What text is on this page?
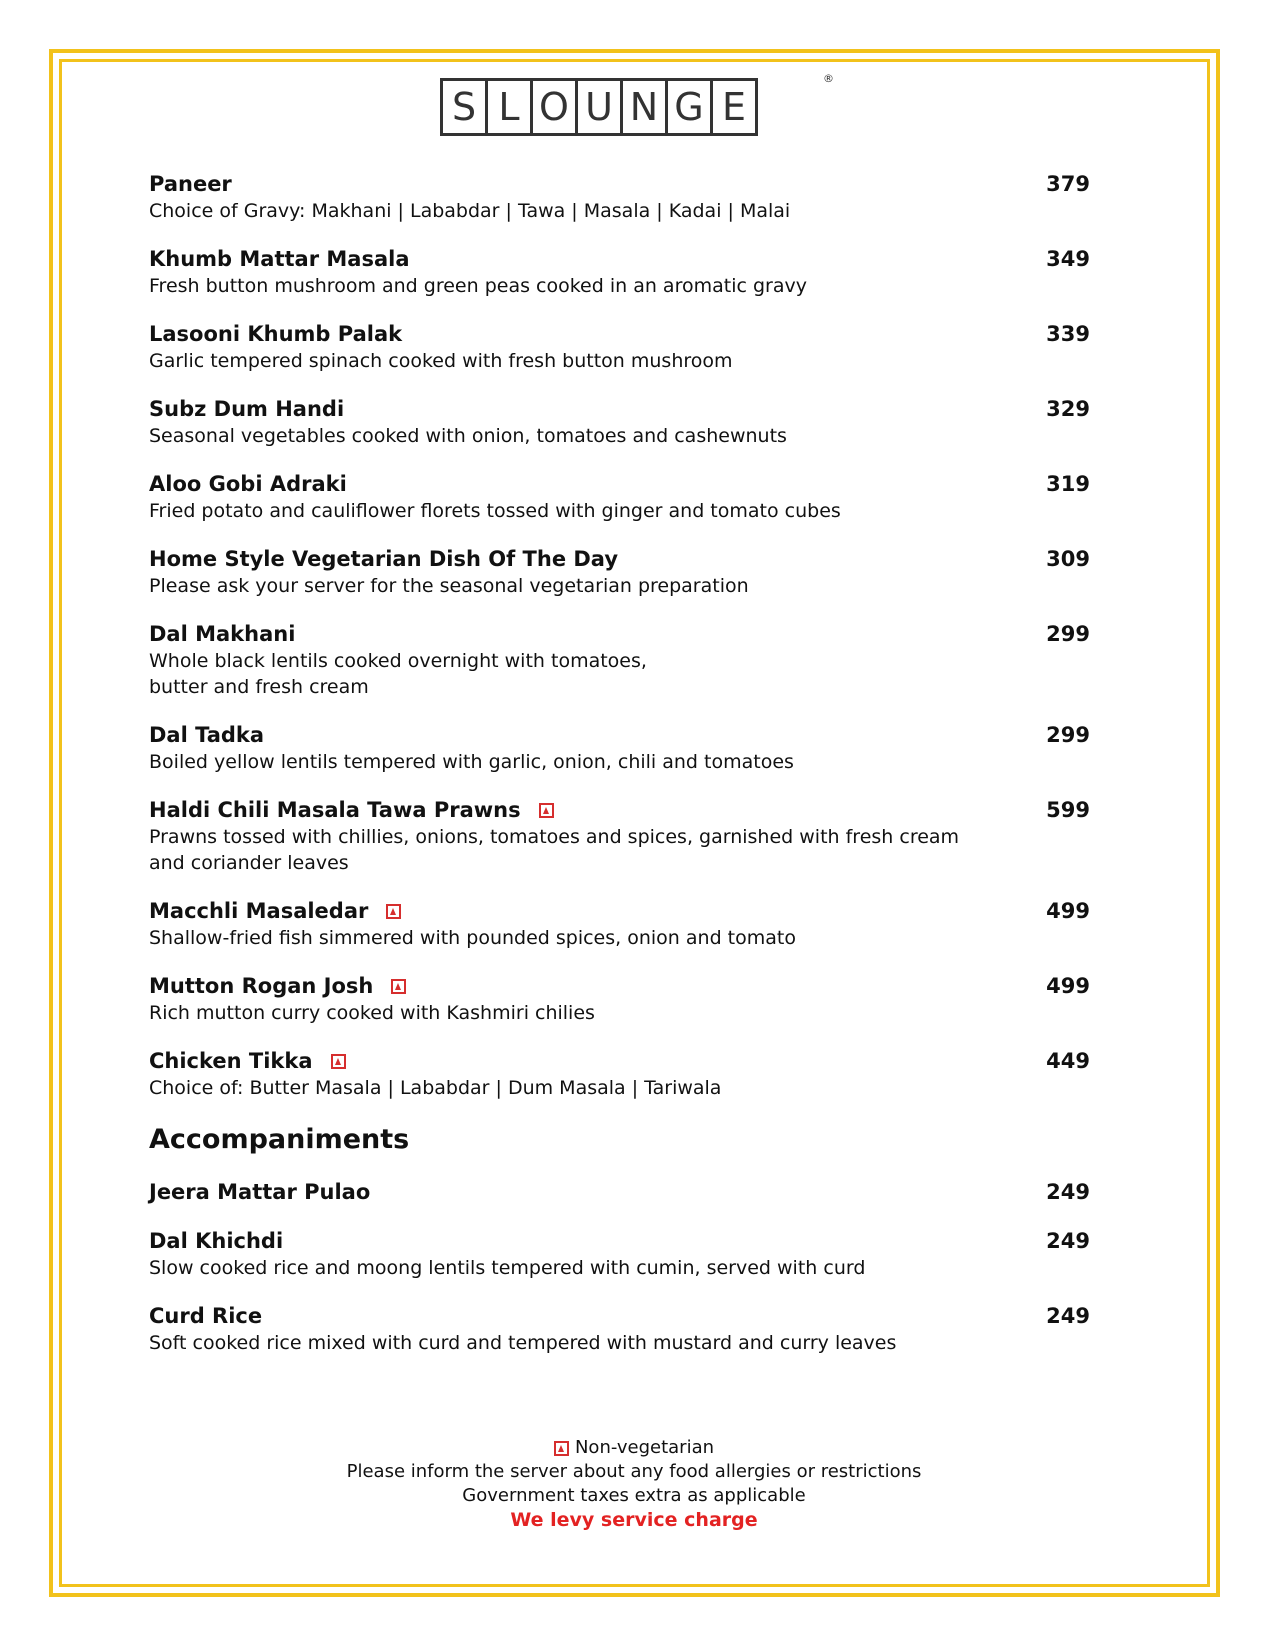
S L O U N G E
®
Paneer	379
Choice of Gravy: Makhani | Lababdar | Tawa | Masala | Kadai | Malai
Khumb Mattar Masala	349
Fresh button mushroom and green peas cooked in an aromatic gravy
Lasooni Khumb Palak	339
Garlic tempered spinach cooked with fresh button mushroom
Subz Dum Handi	329
Seasonal vegetables cooked with onion, tomatoes and cashewnuts
Aloo Gobi Adraki	319
Fried potato and cauliflower florets tossed with ginger and tomato cubes
Home Style Vegetarian Dish Of The Day	309
Please ask your server for the seasonal vegetarian preparation
Dal Makhani	299
Whole black lentils cooked overnight with tomatoes,
butter and fresh cream
Dal Tadka	299
Boiled yellow lentils tempered with garlic, onion, chili and tomatoes
Haldi Chili Masala Tawa Prawns	599
Prawns tossed with chillies, onions, tomatoes and spices, garnished with fresh cream
and coriander leaves
Macchli Masaledar	499
Shallow-fried fish simmered with pounded spices, onion and tomato
Mutton Rogan Josh	499
Rich mutton curry cooked with Kashmiri chilies
Chicken Tikka	449
Choice of: Butter Masala | Lababdar | Dum Masala | Tariwala
Accompaniments
Jeera Mattar Pulao	249
Dal Khichdi	249
Slow cooked rice and moong lentils tempered with cumin, served with curd
Curd Rice	249
Soft cooked rice mixed with curd and tempered with mustard and curry leaves
Non-vegetarian
Please inform the server about any food allergies or restrictions
Government taxes extra as applicable
We levy service charge
